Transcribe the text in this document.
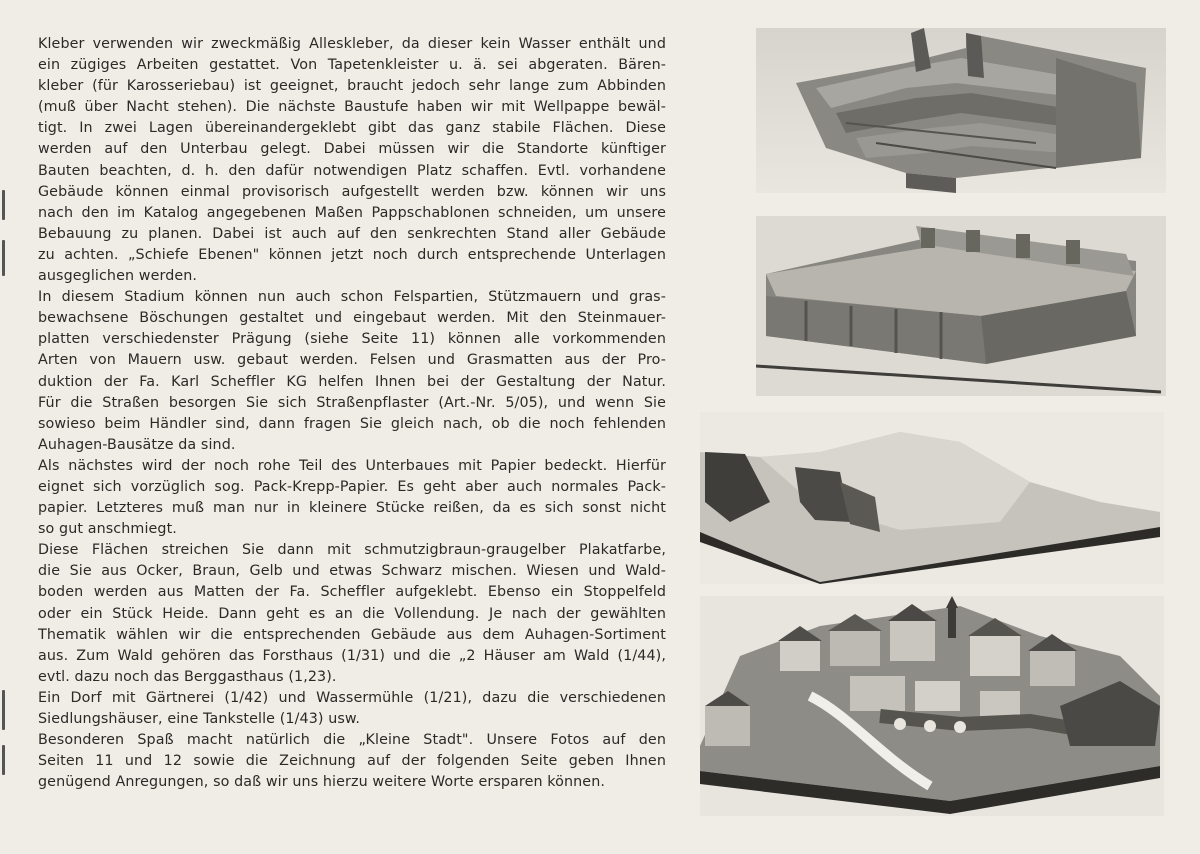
Kleber verwenden wir zweckmäßig Alleskleber, da dieser kein Wasser enthält und
ein zügiges Arbeiten gestattet. Von Tapetenkleister u. ä. sei abgeraten. Bären-
kleber (für Karosseriebau) ist geeignet, braucht jedoch sehr lange zum Abbinden
(muß über Nacht stehen). Die nächste Baustufe haben wir mit Wellpappe bewäl-
tigt. In zwei Lagen übereinandergeklebt gibt das ganz stabile Flächen. Diese
werden auf den Unterbau gelegt. Dabei müssen wir die Standorte künftiger
Bauten beachten, d. h. den dafür notwendigen Platz schaffen. Evtl. vorhandene
Gebäude können einmal provisorisch aufgestellt werden bzw. können wir uns
nach den im Katalog angegebenen Maßen Pappschablonen schneiden, um unsere
Bebauung zu planen. Dabei ist auch auf den senkrechten Stand aller Gebäude
zu achten. „Schiefe Ebenen" können jetzt noch durch entsprechende Unterlagen
ausgeglichen werden.
In diesem Stadium können nun auch schon Felspartien, Stützmauern und gras-
bewachsene Böschungen gestaltet und eingebaut werden. Mit den Steinmauer-
platten verschiedenster Prägung (siehe Seite 11) können alle vorkommenden
Arten von Mauern usw. gebaut werden. Felsen und Grasmatten aus der Pro-
duktion der Fa. Karl Scheffler KG helfen Ihnen bei der Gestaltung der Natur.
Für die Straßen besorgen Sie sich Straßenpflaster (Art.-Nr. 5/05), und wenn Sie
sowieso beim Händler sind, dann fragen Sie gleich nach, ob die noch fehlenden
Auhagen-Bausätze da sind.
Als nächstes wird der noch rohe Teil des Unterbaues mit Papier bedeckt. Hierfür
eignet sich vorzüglich sog. Pack-Krepp-Papier. Es geht aber auch normales Pack-
papier. Letzteres muß man nur in kleinere Stücke reißen, da es sich sonst nicht
so gut anschmiegt.
Diese Flächen streichen Sie dann mit schmutzigbraun-graugelber Plakatfarbe,
die Sie aus Ocker, Braun, Gelb und etwas Schwarz mischen. Wiesen und Wald-
boden werden aus Matten der Fa. Scheffler aufgeklebt. Ebenso ein Stoppelfeld
oder ein Stück Heide. Dann geht es an die Vollendung. Je nach der gewählten
Thematik wählen wir die entsprechenden Gebäude aus dem Auhagen-Sortiment
aus. Zum Wald gehören das Forsthaus (1/31) und die „2 Häuser am Wald (1/44),
evtl. dazu noch das Berggasthaus (1,23).
Ein Dorf mit Gärtnerei (1/42) und Wassermühle (1/21), dazu die verschiedenen
Siedlungshäuser, eine Tankstelle (1/43) usw.
Besonderen Spaß macht natürlich die „Kleine Stadt". Unsere Fotos auf den
Seiten 11 und 12 sowie die Zeichnung auf der folgenden Seite geben Ihnen
genügend Anregungen, so daß wir uns hierzu weitere Worte ersparen können.
